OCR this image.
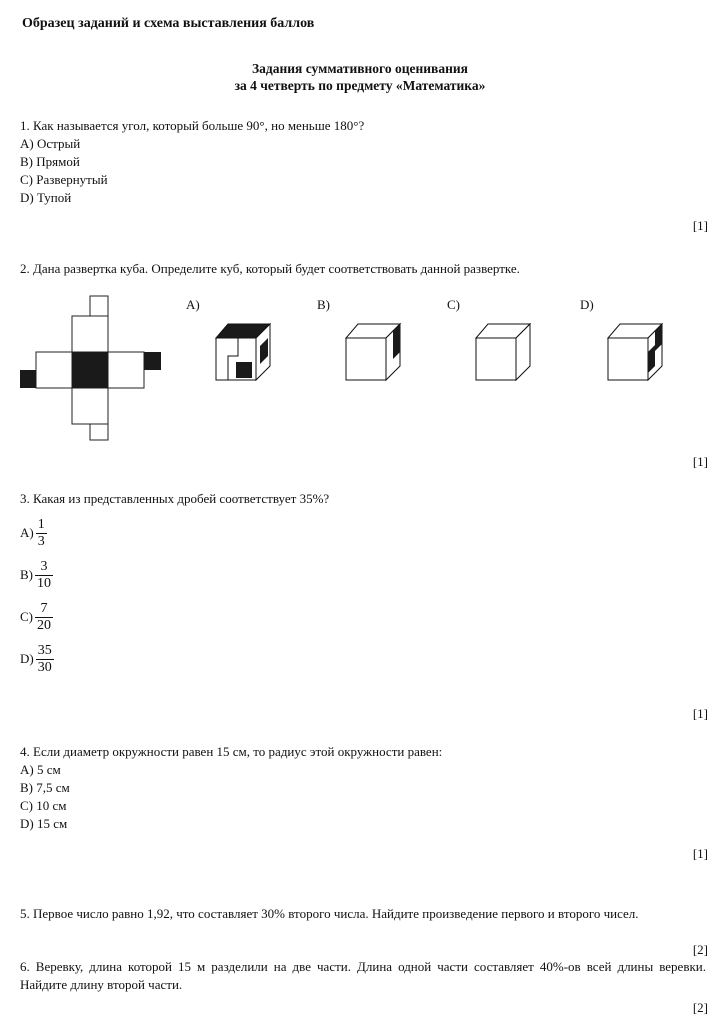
Образец заданий и схема выставления баллов
Задания суммативного оценивания
за 4 четверть по предмету «Математика»
1. Как называется угол, который больше 90°, но меньше 180°?
A) Острый
B) Прямой
C) Развернутый
D) Тупой
[1]
2. Дана развертка куба. Определите куб, который будет соответствовать данной развертке.
A)	B)	C)	D)
[1]
3. Какая из представленных дробей соответствует 35%?
$A) \frac{1}{3}$
$B) \frac{3}{10}$
$C) \frac{7}{20}$
$D) \frac{35}{30}$
[1]
4. Если диаметр окружности равен 15 см, то радиус этой окружности равен:
A) 5 см
B) 7,5 см
C) 10 см
D) 15 см
[1]
5. Первое число равно 1,92, что составляет 30% второго числа. Найдите произведение первого и второго чисел.
[2]
6. Веревку, длина которой 15 м разделили на две части. Длина одной части составляет 40%-ов всей длины веревки. Найдите длину второй части.
[2]
